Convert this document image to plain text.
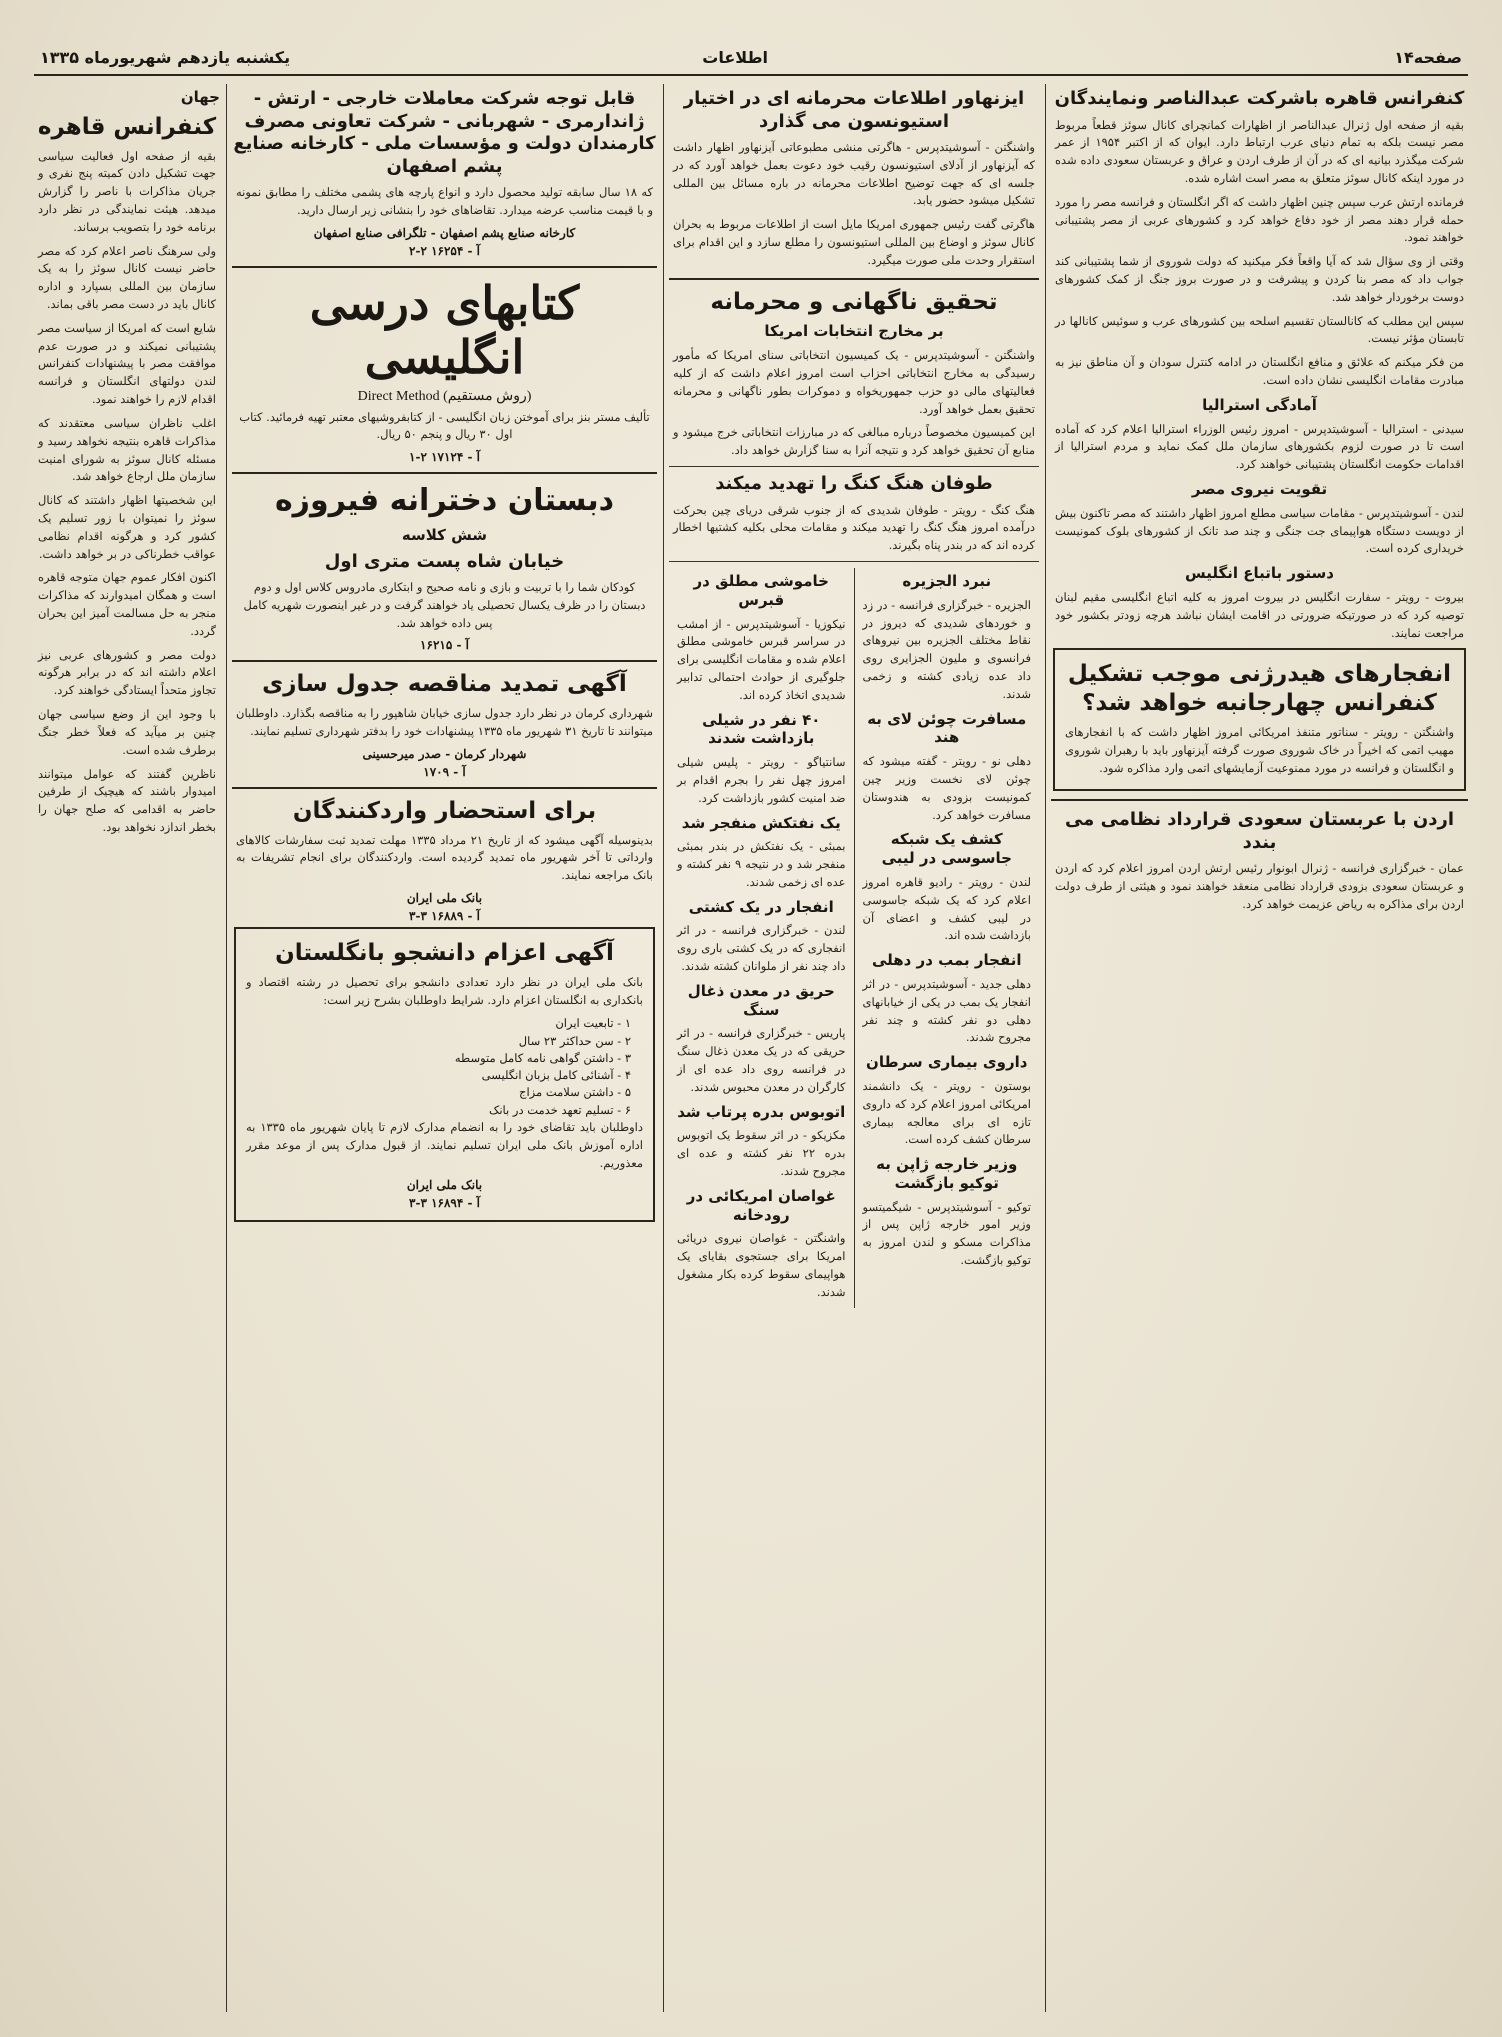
صفحه۱۴
اطلاعات
یکشنبه یازدهم شهریورماه ۱۳۳۵
کنفرانس قاهره باشرکت عبدالناصر ونمایندگان

بقیه از صفحه اول ژنرال عبدالناصر از اظهارات کمانچرای کانال سوئز قطعاً مربوط مصر نیست بلکه به تمام دنیای عرب ارتباط دارد. ایوان که از اکتبر ۱۹۵۴ از عمر شرکت میگذرد بیانیه ای که در آن از طرف اردن و عراق و عربستان سعودی داده شده در مورد اینکه کانال سوئز متعلق به مصر است اشاره شده.

فرمانده ارتش عرب سپس چنین اظهار داشت که اگر انگلستان و فرانسه مصر را مورد حمله قرار دهند مصر از خود دفاع خواهد کرد و کشورهای عربی از مصر پشتیبانی خواهند نمود.

وقتی از وی سؤال شد که آیا واقعاً فکر میکنید که دولت شوروی از شما پشتیبانی کند جواب داد که مصر بنا کردن و پیشرفت و در صورت بروز جنگ از کمک کشورهای دوست برخوردار خواهد شد.

سپس این مطلب که کانالستان تقسیم اسلحه بین کشورهای عرب و سوئیس کانالها در تابستان مؤثر نیست.

من فکر میکنم که علائق و منافع انگلستان در ادامه کنترل سودان و آن مناطق نیز به مبادرت مقامات انگلیسی نشان داده است.

آمادگی استرالیا

سیدنی - استرالیا - آسوشیتدپرس - امروز رئیس الوزراء استرالیا اعلام کرد که آماده است تا در صورت لزوم بکشورهای سازمان ملل کمک نماید و مردم استرالیا از اقدامات حکومت انگلستان پشتیبانی خواهند کرد.

تقویت نیروی مصر

لندن - آسوشیتدپرس - مقامات سیاسی مطلع امروز اظهار داشتند که مصر تاکنون بیش از دویست دستگاه هواپیمای جت جنگی و چند صد تانک از کشورهای بلوک کمونیست خریداری کرده است.

دستور باتباع انگلیس

بیروت - رویتر - سفارت انگلیس در بیروت امروز به کلیه اتباع انگلیسی مقیم لبنان توصیه کرد که در صورتیکه ضرورتی در اقامت ایشان نباشد هرچه زودتر بکشور خود مراجعت نمایند.

انفجارهای هیدرژنی موجب تشکیل کنفرانس چهارجانبه خواهد شد؟

واشنگتن - رویتر - سناتور متنفذ امریکائی امروز اظهار داشت که با انفجارهای مهیب اتمی که اخیراً در خاک شوروی صورت گرفته آیزنهاور باید با رهبران شوروی و انگلستان و فرانسه در مورد ممنوعیت آزمایشهای اتمی وارد مذاکره شود.

اردن با عربستان سعودی قرارداد نظامی می بندد

عمان - خبرگزاری فرانسه - ژنرال ابونوار رئیس ارتش اردن امروز اعلام کرد که اردن و عربستان سعودی بزودی قرارداد نظامی منعقد خواهند نمود و هیئتی از طرف دولت اردن برای مذاکره به ریاض عزیمت خواهد کرد.

ایزنهاور اطلاعات محرمانه ای در اختیار استیونسون می گذارد

واشنگتن - آسوشیتدپرس - هاگرتی منشی مطبوعاتی آیزنهاور اظهار داشت که آیزنهاور از آدلای استیونسون رقیب خود دعوت بعمل خواهد آورد که در جلسه ای که جهت توضیح اطلاعات محرمانه در باره مسائل بین المللی تشکیل میشود حضور یابد.

هاگرتی گفت رئیس جمهوری امریکا مایل است از اطلاعات مربوط به بحران کانال سوئز و اوضاع بین المللی استیونسون را مطلع سازد و این اقدام برای استقرار وحدت ملی صورت میگیرد.

تحقیق ناگهانی و محرمانه
بر مخارج انتخابات امریکا

واشنگتن - آسوشیتدپرس - یک کمیسیون انتخاباتی سنای امریکا که مأمور رسیدگی به مخارج انتخاباتی احزاب است امروز اعلام داشت که از کلیه فعالیتهای مالی دو حزب جمهوریخواه و دموکرات بطور ناگهانی و محرمانه تحقیق بعمل خواهد آورد.

این کمیسیون مخصوصاً درباره مبالغی که در مبارزات انتخاباتی خرج میشود و منابع آن تحقیق خواهد کرد و نتیجه آنرا به سنا گزارش خواهد داد.

طوفان هنگ کنگ را تهدید میکند

هنگ کنگ - رویتر - طوفان شدیدی که از جنوب شرقی دریای چین بحرکت درآمده امروز هنگ کنگ را تهدید میکند و مقامات محلی بکلیه کشتیها اخطار کرده اند که در بندر پناه بگیرند.

نبرد الجزیره

الجزیره - خبرگزاری فرانسه - در زد و خوردهای شدیدی که دیروز در نقاط مختلف الجزیره بین نیروهای فرانسوی و ملیون الجزایری روی داد عده زیادی کشته و زخمی شدند.

مسافرت چوئن لای به هند

دهلی نو - رویتر - گفته میشود که چوئن لای نخست وزیر چین کمونیست بزودی به هندوستان مسافرت خواهد کرد.

کشف یک شبکه جاسوسی در لیبی

لندن - رویتر - رادیو قاهره امروز اعلام کرد که یک شبکه جاسوسی در لیبی کشف و اعضای آن بازداشت شده اند.

انفجار بمب در دهلی

دهلی جدید - آسوشیتدپرس - در اثر انفجار یک بمب در یکی از خیابانهای دهلی دو نفر کشته و چند نفر مجروح شدند.

داروی بیماری سرطان

بوستون - رویتر - یک دانشمند امریکائی امروز اعلام کرد که داروی تازه ای برای معالجه بیماری سرطان کشف کرده است.

وزیر خارجه ژاپن به توکیو بازگشت

توکیو - آسوشیتدپرس - شیگمیتسو وزیر امور خارجه ژاپن پس از مذاکرات مسکو و لندن امروز به توکیو بازگشت.

خاموشی مطلق در قبرس

نیکوزیا - آسوشیتدپرس - از امشب در سراسر قبرس خاموشی مطلق اعلام شده و مقامات انگلیسی برای جلوگیری از حوادث احتمالی تدابیر شدیدی اتخاذ کرده اند.

۴۰ نفر در شیلی بازداشت شدند

سانتیاگو - رویتر - پلیس شیلی امروز چهل نفر را بجرم اقدام بر ضد امنیت کشور بازداشت کرد.

یک نفتکش منفجر شد

بمبئی - یک نفتکش در بندر بمبئی منفجر شد و در نتیجه ۹ نفر کشته و عده ای زخمی شدند.

انفجار در یک کشتی

لندن - خبرگزاری فرانسه - در اثر انفجاری که در یک کشتی باری روی داد چند نفر از ملوانان کشته شدند.

حریق در معدن ذغال سنگ

پاریس - خبرگزاری فرانسه - در اثر حریقی که در یک معدن ذغال سنگ در فرانسه روی داد عده ای از کارگران در معدن محبوس شدند.

اتوبوس بدره پرتاب شد

مکزیکو - در اثر سقوط یک اتوبوس بدره ۲۲ نفر کشته و عده ای مجروح شدند.

غواصان امریکائی در رودخانه

واشنگتن - غواصان نیروی دریائی امریکا برای جستجوی بقایای یک هواپیمای سقوط کرده بکار مشغول شدند.

قابل توجه شرکت معاملات خارجی - ارتش - ژاندارمری - شهربانی - شرکت تعاونی مصرف کارمندان دولت و مؤسسات ملی - کارخانه صنایع پشم اصفهان

که ۱۸ سال سابقه تولید محصول دارد و انواع پارچه های پشمی مختلف را مطابق نمونه و با قیمت مناسب عرضه میدارد. تقاضاهای خود را بنشانی زیر ارسال دارید.

کارخانه صنایع پشم اصفهان - تلگرافی صنایع اصفهان
آ - ۱۶۲۵۴ ۲-۲
کتابهای درسی انگلیسی
Direct Method (روش مستقیم)

تألیف مستر بنز برای آموختن زبان انگلیسی - از کتابفروشیهای معتبر تهیه فرمائید. کتاب اول ۳۰ ریال و پنجم ۵۰ ریال.

آ - ۱۷۱۲۴ ۲-۱
دبستان دخترانه فیروزه
شش کلاسه
خیابان شاه پست متری اول

کودکان شما را با تربیت و بازی و نامه صحیح و ابتکاری مادروس کلاس اول و دوم دبستان را در ظرف یکسال تحصیلی یاد خواهند گرفت و در غیر اینصورت شهریه کامل پس داده خواهد شد.

آ - ۱۶۲۱۵
آگهی تمدید مناقصه جدول سازی

شهرداری کرمان در نظر دارد جدول سازی خیابان شاهپور را به مناقصه بگذارد. داوطلبان میتوانند تا تاریخ ۳۱ شهریور ماه ۱۳۳۵ پیشنهادات خود را بدفتر شهرداری تسلیم نمایند.

شهردار کرمان - صدر میرحسینی
آ - ۱۷۰۹
برای استحضار واردکنندگان

بدینوسیله آگهی میشود که از تاریخ ۲۱ مرداد ۱۳۳۵ مهلت تمدید ثبت سفارشات کالاهای وارداتی تا آخر شهریور ماه تمدید گردیده است. واردکنندگان برای انجام تشریفات به بانک مراجعه نمایند.

بانک ملی ایران
آ - ۱۶۸۸۹ ۳-۳
آگهی اعزام دانشجو بانگلستان

بانک ملی ایران در نظر دارد تعدادی دانشجو برای تحصیل در رشته اقتصاد و بانکداری به انگلستان اعزام دارد. شرایط داوطلبان بشرح زیر است:

۱ - تابعیت ایران
۲ - سن حداکثر ۲۳ سال
۳ - داشتن گواهی نامه کامل متوسطه
۴ - آشنائی کامل بزبان انگلیسی
۵ - داشتن سلامت مزاج
۶ - تسلیم تعهد خدمت در بانک

داوطلبان باید تقاضای خود را به انضمام مدارک لازم تا پایان شهریور ماه ۱۳۳۵ به اداره آموزش بانک ملی ایران تسلیم نمایند. از قبول مدارک پس از موعد مقرر معذوریم.

بانک ملی ایران
آ - ۱۶۸۹۴ ۳-۳
جهان
کنفرانس قاهره

بقیه از صفحه اول فعالیت سیاسی جهت تشکیل دادن کمیته پنج نفری و جریان مذاکرات با ناصر را گزارش میدهد. هیئت نمایندگی در نظر دارد برنامه خود را بتصویب برساند.

ولی سرهنگ ناصر اعلام کرد که مصر حاضر نیست کانال سوئز را به یک سازمان بین المللی بسپارد و اداره کانال باید در دست مصر باقی بماند.

شایع است که امریکا از سیاست مصر پشتیبانی نمیکند و در صورت عدم موافقت مصر با پیشنهادات کنفرانس لندن دولتهای انگلستان و فرانسه اقدام لازم را خواهند نمود.

اغلب ناظران سیاسی معتقدند که مذاکرات قاهره بنتیجه نخواهد رسید و مسئله کانال سوئز به شورای امنیت سازمان ملل ارجاع خواهد شد.

این شخصیتها اظهار داشتند که کانال سوئز را نمیتوان با زور تسلیم یک کشور کرد و هرگونه اقدام نظامی عواقب خطرناکی در بر خواهد داشت.

اکنون افکار عموم جهان متوجه قاهره است و همگان امیدوارند که مذاکرات منجر به حل مسالمت آمیز این بحران گردد.

دولت مصر و کشورهای عربی نیز اعلام داشته اند که در برابر هرگونه تجاوز متحداً ایستادگی خواهند کرد.

با وجود این از وضع سیاسی جهان چنین بر میآید که فعلاً خطر جنگ برطرف شده است.

ناظرین گفتند که عوامل میتوانند امیدوار باشند که هیچیک از طرفین حاضر به اقدامی که صلح جهان را بخطر اندازد نخواهد بود.
